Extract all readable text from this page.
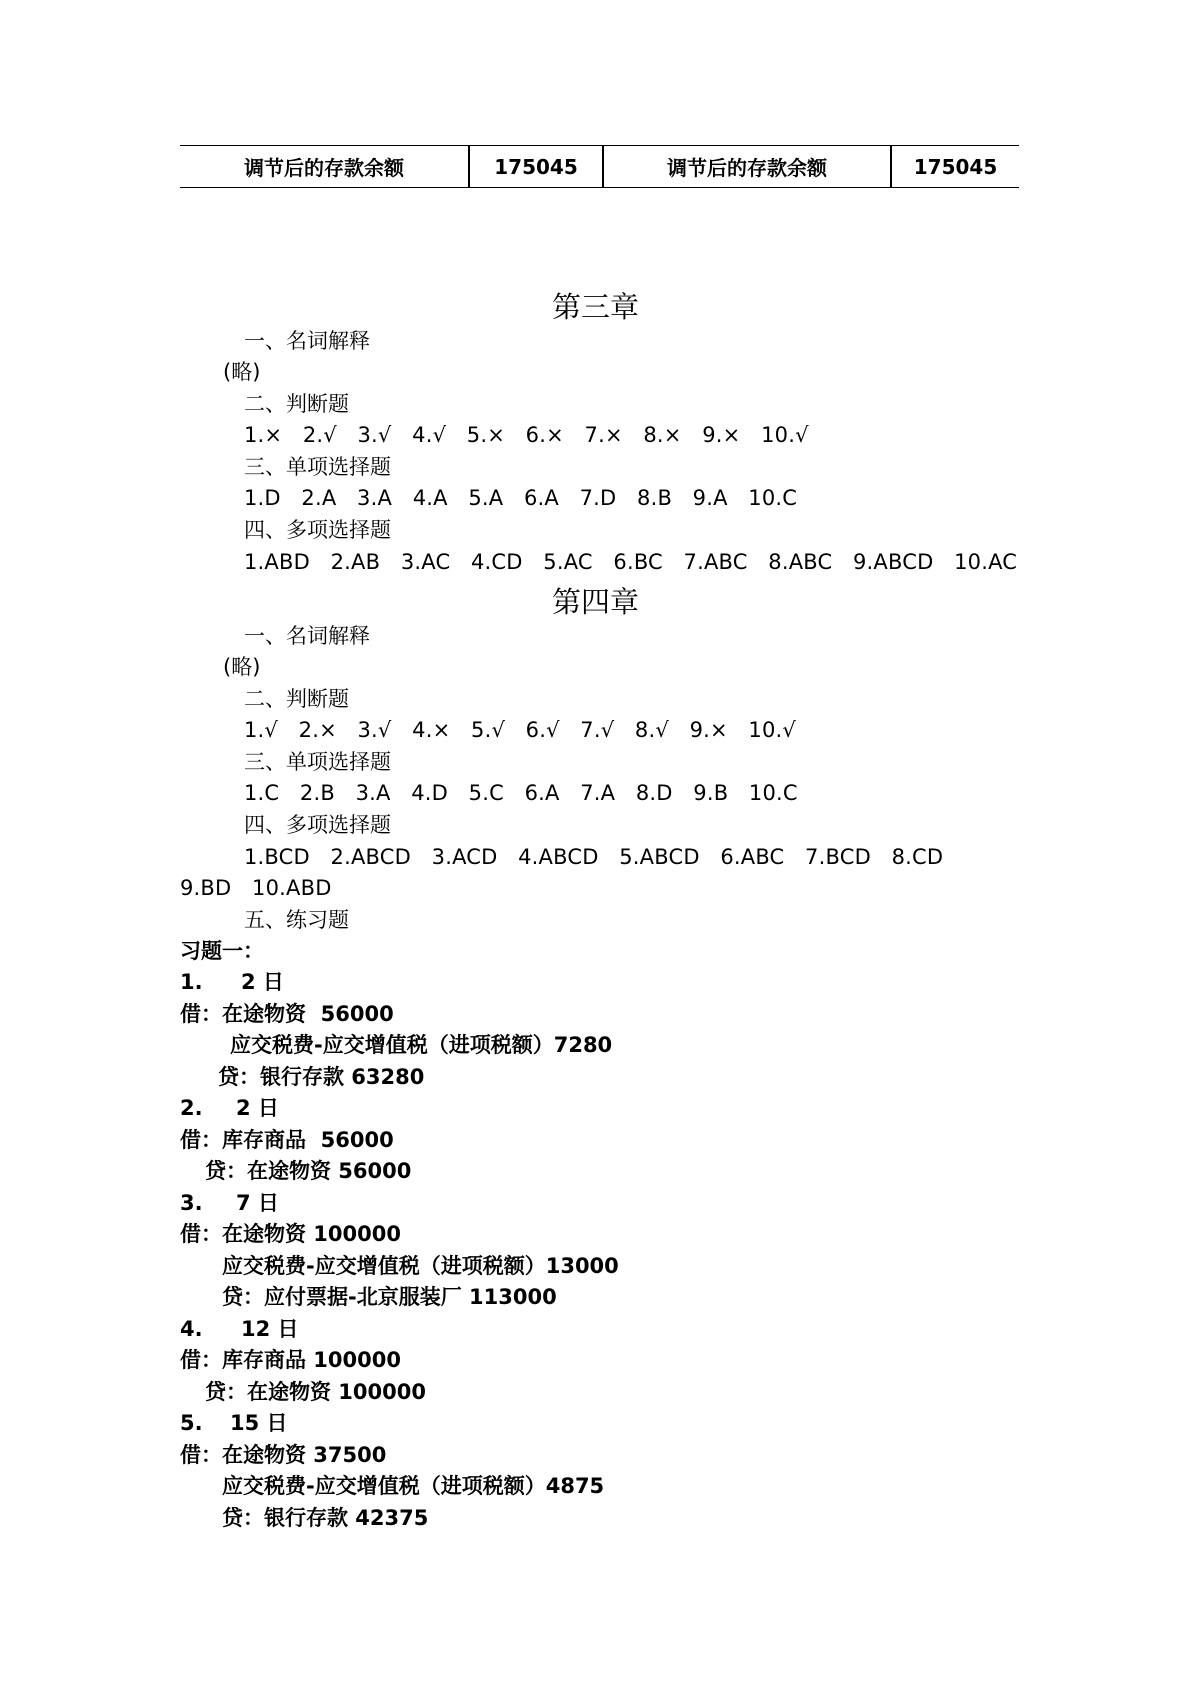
调节后的存款余额	175045	调节后的存款余额	175045
第三章
一、名词解释
(略)
二、判断题
1.×   2.√   3.√   4.√   5.×   6.×   7.×   8.×   9.×   10.√
三、单项选择题
1.D   2.A   3.A   4.A   5.A   6.A   7.D   8.B   9.A   10.C
四、多项选择题
1.ABD   2.AB   3.AC   4.CD   5.AC   6.BC   7.ABC   8.ABC   9.ABCD   10.AC
第四章
一、名词解释
(略)
二、判断题
1.√   2.×   3.√   4.×   5.√   6.√   7.√   8.√   9.×   10.√
三、单项选择题
1.C   2.B   3.A   4.D   5.C   6.A   7.A   8.D   9.B   10.C
四、多项选择题
1.BCD   2.ABCD   3.ACD   4.ABCD   5.ABCD   6.ABC   7.BCD   8.CD
9.BD   10.ABD
五、练习题
习题一：
1. 2 日
借：在途物资  56000
应交税费-应交增值税（进项税额）7280
贷：银行存款 63280
2. 2 日
借：库存商品  56000
贷：在途物资 56000
3. 7 日
借：在途物资 100000
应交税费-应交增值税（进项税额）13000
贷：应付票据-北京服装厂 113000
4. 12 日
借：库存商品 100000
贷：在途物资 100000
5. 15 日
借：在途物资 37500
应交税费-应交增值税（进项税额）4875
贷：银行存款 42375
